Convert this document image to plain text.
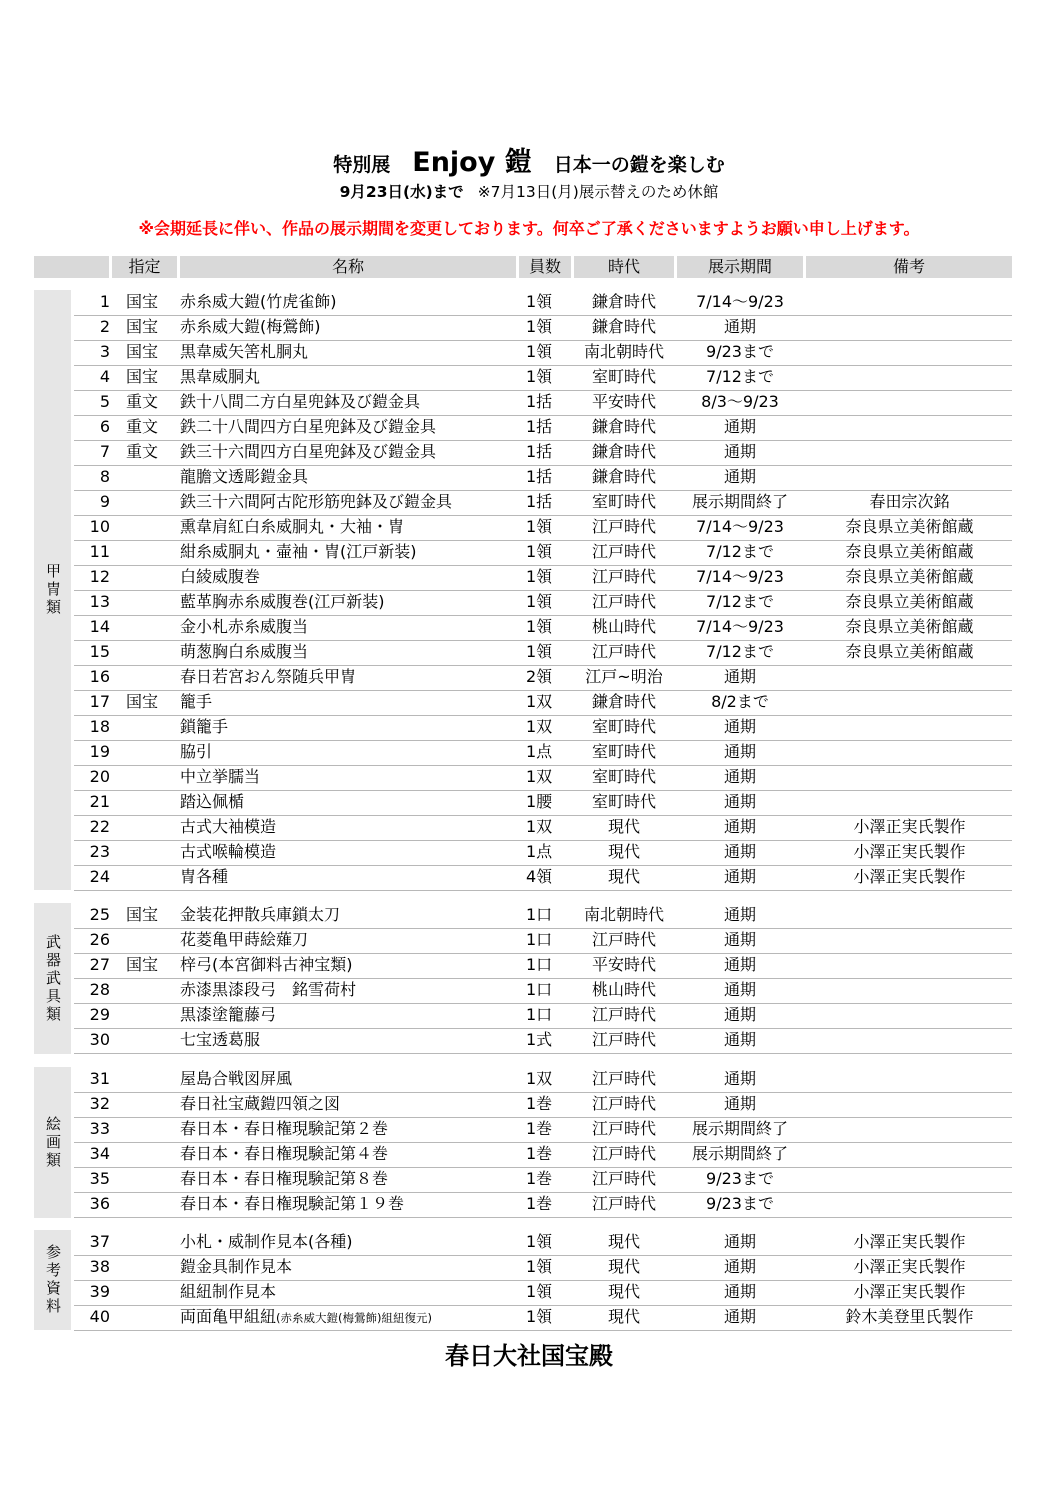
特別展 Enjoy 鎧 日本一の鎧を楽しむ
9月23日(水)まで ※7月13日(月)展示替えのため休館
※会期延長に伴い、作品の展示期間を変更しております。何卒ご了承くださいますようお願い申し上げます。
指定	名称	員数	時代	展示期間	備考
甲冑類
武器武具類
絵画類
参考資料
1 国宝	赤糸威大鎧(竹虎雀飾)	1領	鎌倉時代	7/14～9/23
2 国宝	赤糸威大鎧(梅鶯飾)	1領	鎌倉時代	通期
3 国宝	黒韋威矢筈札胴丸	1領	南北朝時代	9/23まで
4 国宝	黒韋威胴丸	1領	室町時代	7/12まで
5 重文	鉄十八間二方白星兜鉢及び鎧金具	1括	平安時代	8/3～9/23
6 重文	鉄二十八間四方白星兜鉢及び鎧金具	1括	鎌倉時代	通期
7 重文	鉄三十六間四方白星兜鉢及び鎧金具	1括	鎌倉時代	通期
8	龍膽文透彫鎧金具	1括	鎌倉時代	通期
9	鉄三十六間阿古陀形筋兜鉢及び鎧金具	1括	室町時代	展示期間終了	春田宗次銘
10	熏韋肩紅白糸威胴丸・大袖・冑	1領	江戸時代	7/14～9/23	奈良県立美術館蔵
11	紺糸威胴丸・壷袖・冑(江戸新装)	1領	江戸時代	7/12まで	奈良県立美術館蔵
12	白綾威腹巻	1領	江戸時代	7/14～9/23	奈良県立美術館蔵
13	藍革胸赤糸威腹巻(江戸新装)	1領	江戸時代	7/12まで	奈良県立美術館蔵
14	金小札赤糸威腹当	1領	桃山時代	7/14～9/23	奈良県立美術館蔵
15	萌葱胸白糸威腹当	1領	江戸時代	7/12まで	奈良県立美術館蔵
16	春日若宮おん祭随兵甲冑	2領	江戸~明治	通期
17 国宝	籠手	1双	鎌倉時代	8/2まで
18	鎖籠手	1双	室町時代	通期
19	脇引	1点	室町時代	通期
20	中立挙臑当	1双	室町時代	通期
21	踏込佩楯	1腰	室町時代	通期
22	古式大袖模造	1双	現代	通期	小澤正実氏製作
23	古式喉輪模造	1点	現代	通期	小澤正実氏製作
24	冑各種	4領	現代	通期	小澤正実氏製作
25 国宝	金装花押散兵庫鎖太刀	1口	南北朝時代	通期
26	花菱亀甲蒔絵薙刀	1口	江戸時代	通期
27 国宝	梓弓(本宮御料古神宝類)	1口	平安時代	通期
28	赤漆黒漆段弓　銘雪荷村	1口	桃山時代	通期
29	黒漆塗籠藤弓	1口	江戸時代	通期
30	七宝透葛服	1式	江戸時代	通期
31	屋島合戦図屏風	1双	江戸時代	通期
32	春日社宝蔵鎧四領之図	1巻	江戸時代	通期
33	春日本・春日権現験記第２巻	1巻	江戸時代	展示期間終了
34	春日本・春日権現験記第４巻	1巻	江戸時代	展示期間終了
35	春日本・春日権現験記第８巻	1巻	江戸時代	9/23まで
36	春日本・春日権現験記第１９巻	1巻	江戸時代	9/23まで
37	小札・威制作見本(各種)	1領	現代	通期	小澤正実氏製作
38	鎧金具制作見本	1領	現代	通期	小澤正実氏製作
39	組紐制作見本	1領	現代	通期	小澤正実氏製作
40	両面亀甲組紐(赤糸威大鎧(梅鶯飾)組紐復元)	1領	現代	通期	鈴木美登里氏製作
春日大社国宝殿
